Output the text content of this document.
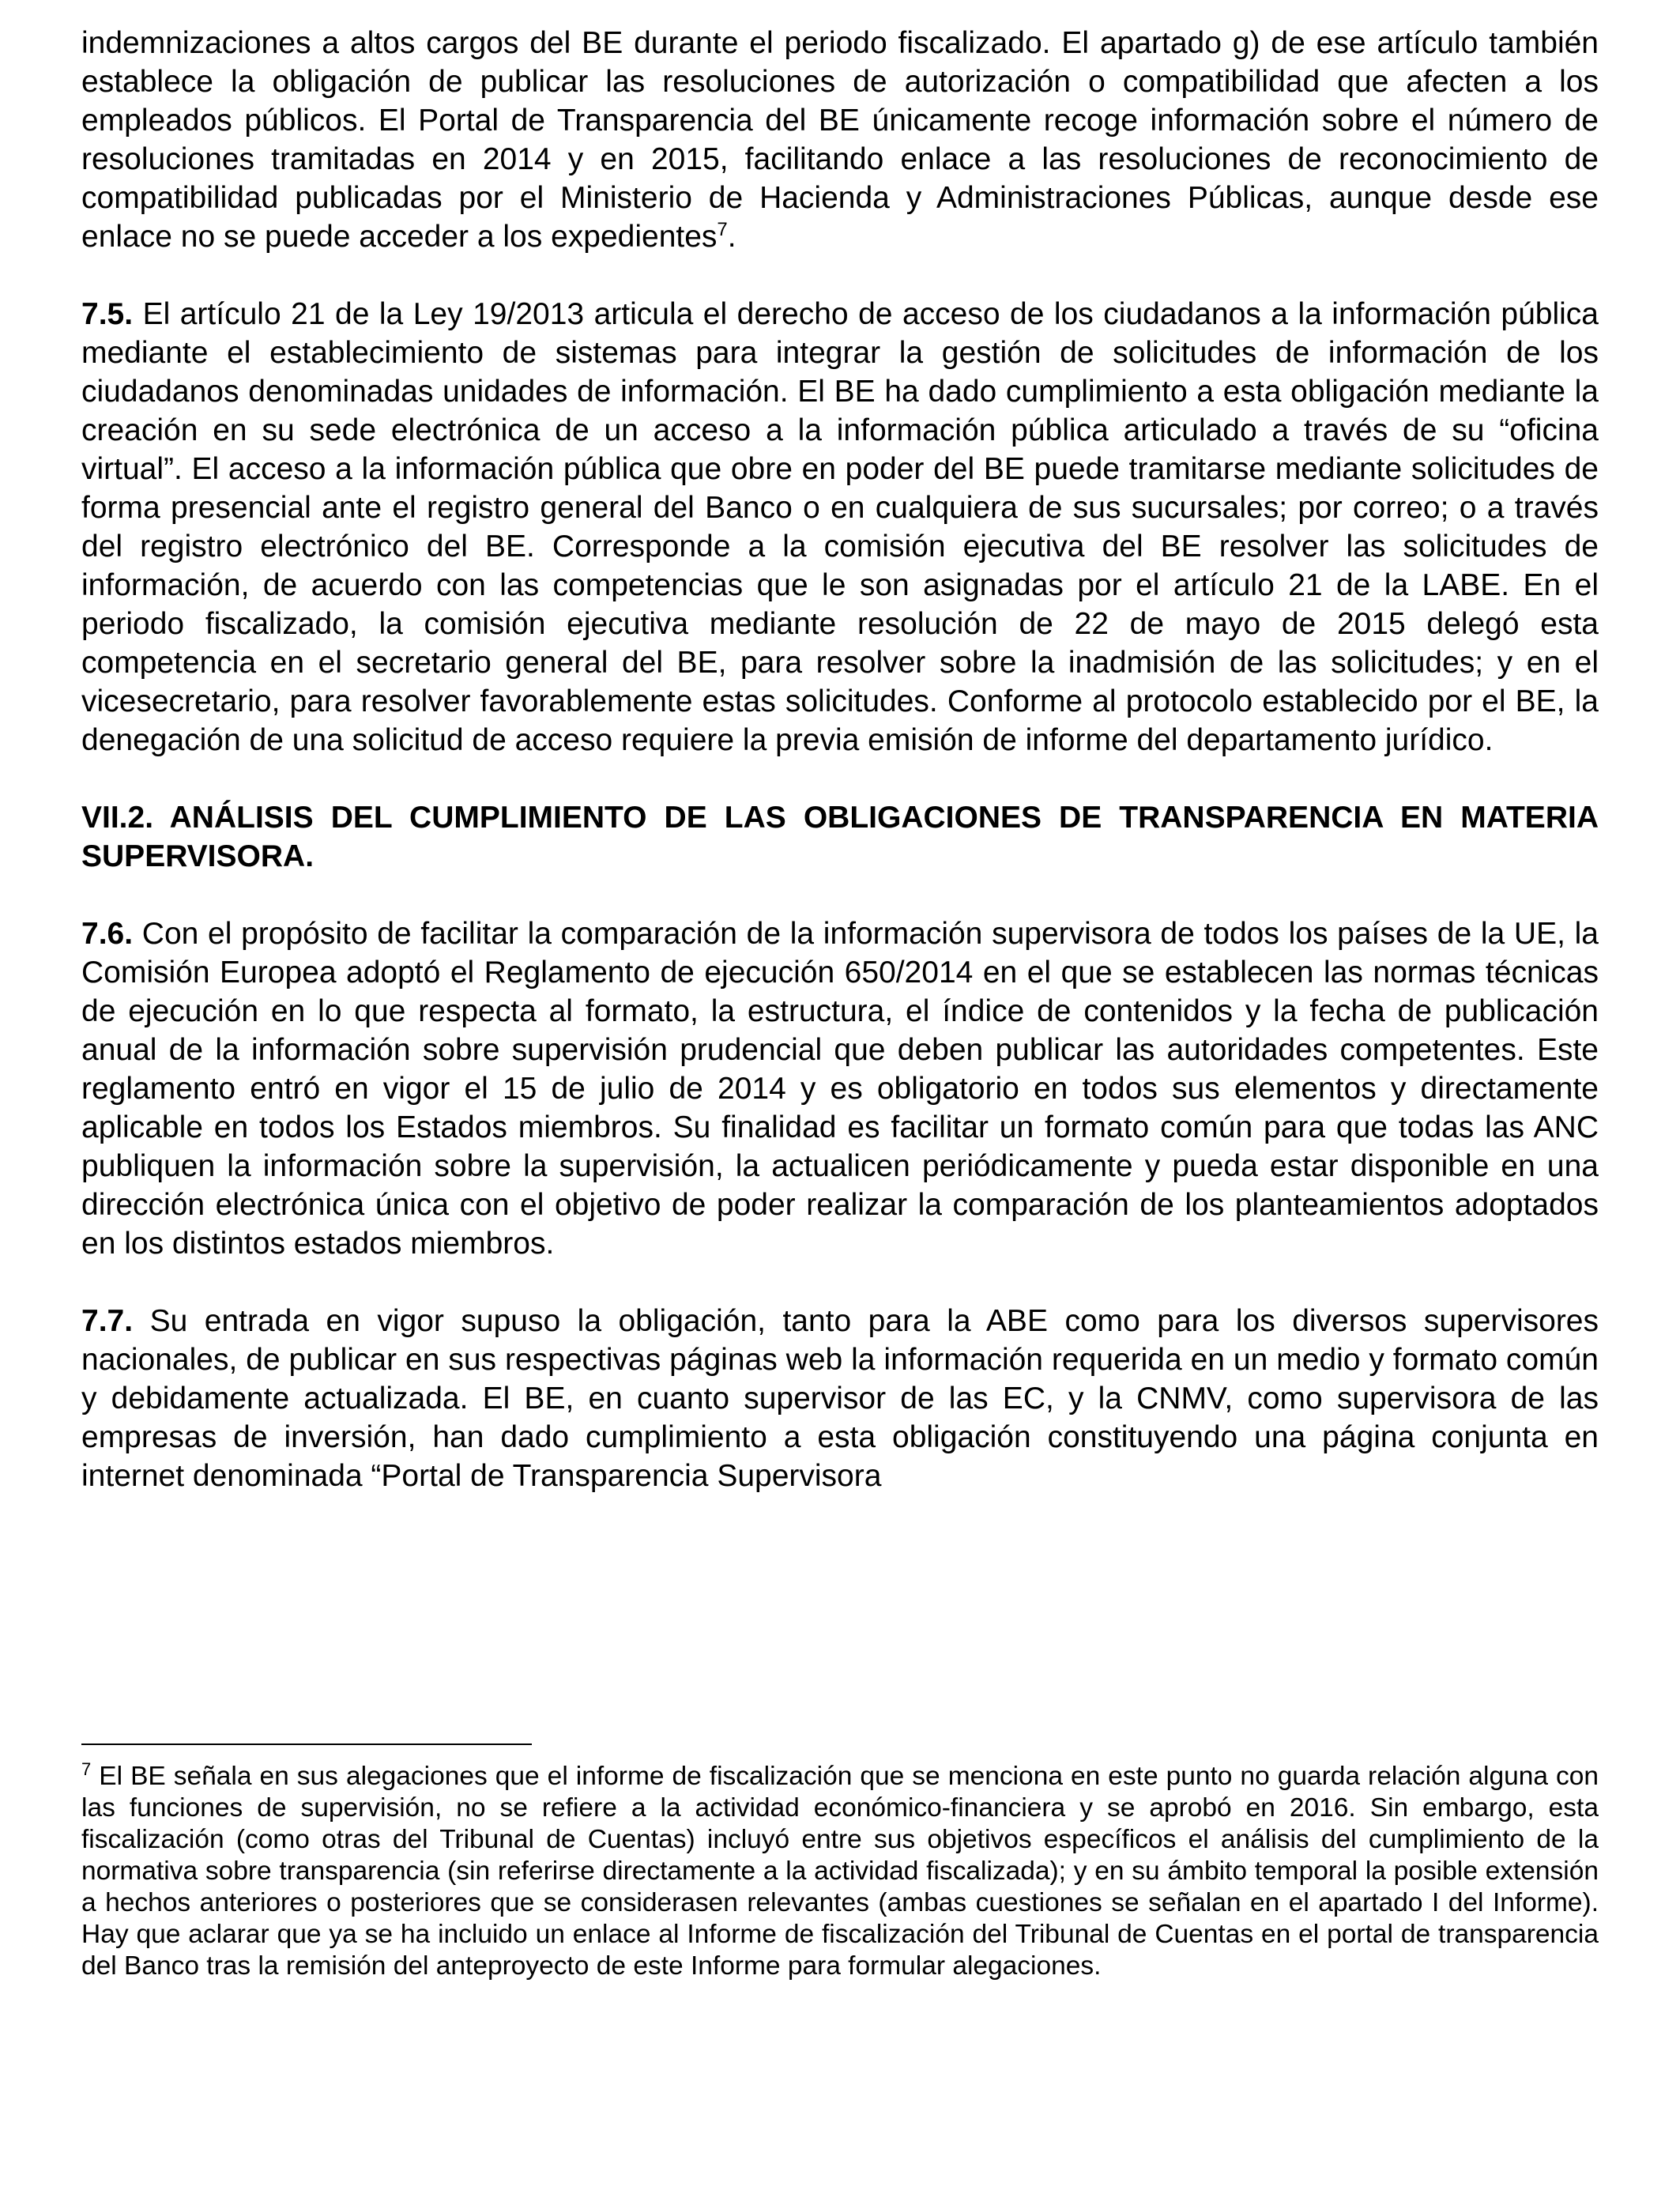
indemnizaciones a altos cargos del BE durante el periodo fiscalizado. El apartado g) de ese artículo también establece la obligación de publicar las resoluciones de autorización o compatibilidad que afecten a los empleados públicos. El Portal de Transparencia del BE únicamente recoge información sobre el número de resoluciones tramitadas en 2014 y en 2015, facilitando enlace a las resoluciones de reconocimiento de compatibilidad publicadas por el Ministerio de Hacienda y Administraciones Públicas, aunque desde ese enlace no se puede acceder a los expedientes$^7$.

7.5. El artículo 21 de la Ley 19/2013 articula el derecho de acceso de los ciudadanos a la información pública mediante el establecimiento de sistemas para integrar la gestión de solicitudes de información de los ciudadanos denominadas unidades de información. El BE ha dado cumplimiento a esta obligación mediante la creación en su sede electrónica de un acceso a la información pública articulado a través de su “oficina virtual”. El acceso a la información pública que obre en poder del BE puede tramitarse mediante solicitudes de forma presencial ante el registro general del Banco o en cualquiera de sus sucursales; por correo; o a través del registro electrónico del BE. Corresponde a la comisión ejecutiva del BE resolver las solicitudes de información, de acuerdo con las competencias que le son asignadas por el artículo 21 de la LABE. En el periodo fiscalizado, la comisión ejecutiva mediante resolución de 22 de mayo de 2015 delegó esta competencia en el secretario general del BE, para resolver sobre la inadmisión de las solicitudes; y en el vicesecretario, para resolver favorablemente estas solicitudes. Conforme al protocolo establecido por el BE, la denegación de una solicitud de acceso requiere la previa emisión de informe del departamento jurídico.

VII.2. ANÁLISIS DEL CUMPLIMIENTO DE LAS OBLIGACIONES DE TRANSPARENCIA EN MATERIA SUPERVISORA.

7.6. Con el propósito de facilitar la comparación de la información supervisora de todos los países de la UE, la Comisión Europea adoptó el Reglamento de ejecución 650/2014 en el que se establecen las normas técnicas de ejecución en lo que respecta al formato, la estructura, el índice de contenidos y la fecha de publicación anual de la información sobre supervisión prudencial que deben publicar las autoridades competentes. Este reglamento entró en vigor el 15 de julio de 2014 y es obligatorio en todos sus elementos y directamente aplicable en todos los Estados miembros. Su finalidad es facilitar un formato común para que todas las ANC publiquen la información sobre la supervisión, la actualicen periódicamente y pueda estar disponible en una dirección electrónica única con el objetivo de poder realizar la comparación de los planteamientos adoptados en los distintos estados miembros.

7.7. Su entrada en vigor supuso la obligación, tanto para la ABE como para los diversos supervisores nacionales, de publicar en sus respectivas páginas web la información requerida en un medio y formato común y debidamente actualizada. El BE, en cuanto supervisor de las EC, y la CNMV, como supervisora de las empresas de inversión, han dado cumplimiento a esta obligación constituyendo una página conjunta en internet denominada “Portal de Transparencia Supervisora

$^7$ El BE señala en sus alegaciones que el informe de fiscalización que se menciona en este punto no guarda relación alguna con las funciones de supervisión, no se refiere a la actividad económico-financiera y se aprobó en 2016. Sin embargo, esta fiscalización (como otras del Tribunal de Cuentas) incluyó entre sus objetivos específicos el análisis del cumplimiento de la normativa sobre transparencia (sin referirse directamente a la actividad fiscalizada); y en su ámbito temporal la posible extensión a hechos anteriores o posteriores que se considerasen relevantes (ambas cuestiones se señalan en el apartado I del Informe). Hay que aclarar que ya se ha incluido un enlace al Informe de fiscalización del Tribunal de Cuentas en el portal de transparencia del Banco tras la remisión del anteproyecto de este Informe para formular alegaciones.
